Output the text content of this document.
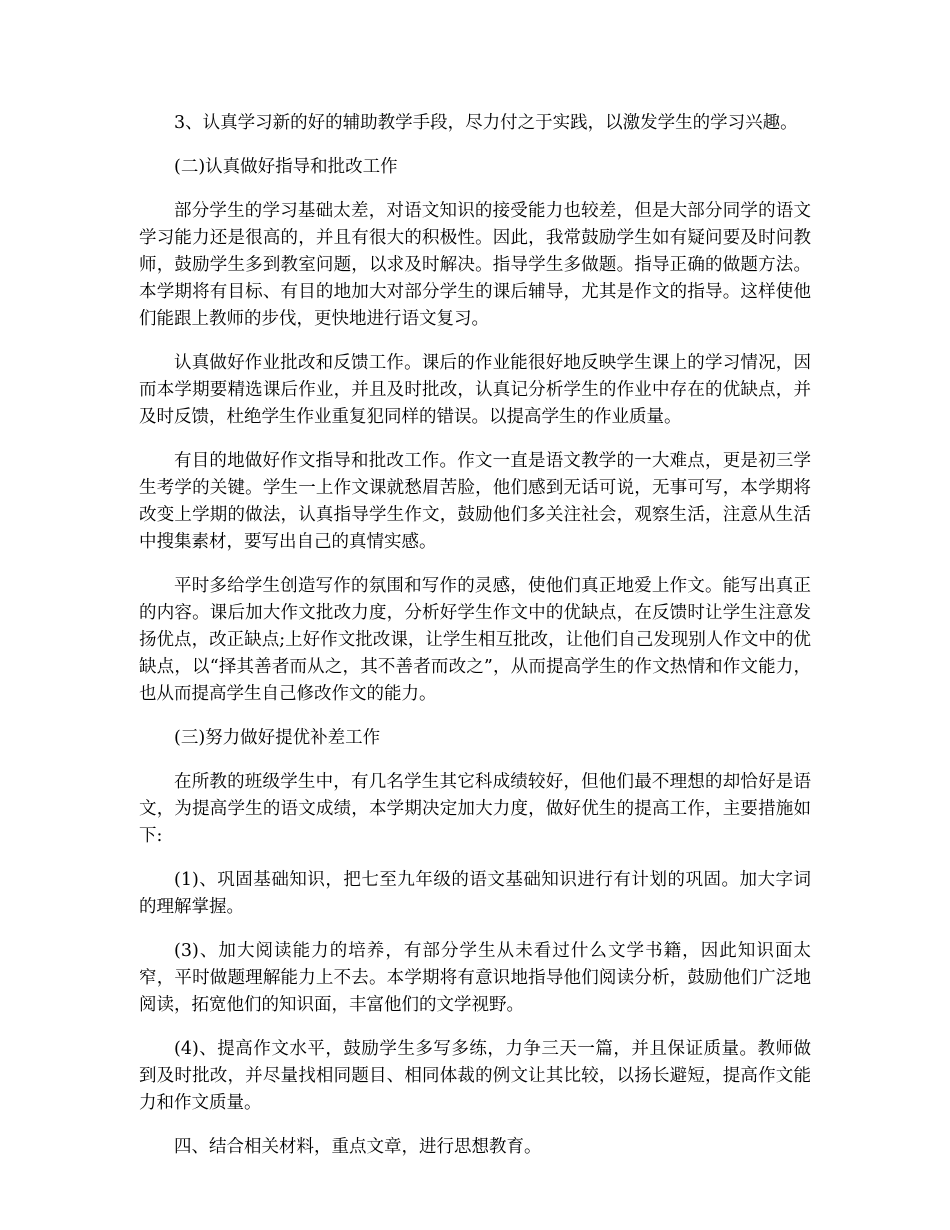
3、认真学习新的好的辅助教学手段，尽力付之于实践，以激发学生的学习兴趣。

(二)认真做好指导和批改工作

部分学生的学习基础太差，对语文知识的接受能力也较差，但是大部分同学的语文学习能力还是很高的，并且有很大的积极性。因此，我常鼓励学生如有疑问要及时问教师，鼓励学生多到教室问题，以求及时解决。指导学生多做题。指导正确的做题方法。本学期将有目标、有目的地加大对部分学生的课后辅导，尤其是作文的指导。这样使他们能跟上教师的步伐，更快地进行语文复习。

认真做好作业批改和反馈工作。课后的作业能很好地反映学生课上的学习情况，因而本学期要精选课后作业，并且及时批改，认真记分析学生的作业中存在的优缺点，并及时反馈，杜绝学生作业重复犯同样的错误。以提高学生的作业质量。

有目的地做好作文指导和批改工作。作文一直是语文教学的一大难点，更是初三学生考学的关键。学生一上作文课就愁眉苦脸，他们感到无话可说，无事可写，本学期将改变上学期的做法，认真指导学生作文，鼓励他们多关注社会，观察生活，注意从生活中搜集素材，要写出自己的真情实感。

平时多给学生创造写作的氛围和写作的灵感，使他们真正地爱上作文。能写出真正的内容。课后加大作文批改力度，分析好学生作文中的优缺点，在反馈时让学生注意发扬优点，改正缺点;上好作文批改课，让学生相互批改，让他们自己发现别人作文中的优缺点，以“择其善者而从之，其不善者而改之”，从而提高学生的作文热情和作文能力，也从而提高学生自己修改作文的能力。

(三)努力做好提优补差工作

在所教的班级学生中，有几名学生其它科成绩较好，但他们最不理想的却恰好是语文，为提高学生的语文成绩，本学期决定加大力度，做好优生的提高工作，主要措施如下:

(1)、巩固基础知识，把七至九年级的语文基础知识进行有计划的巩固。加大字词的理解掌握。

(3)、加大阅读能力的培养，有部分学生从未看过什么文学书籍，因此知识面太窄，平时做题理解能力上不去。本学期将有意识地指导他们阅读分析，鼓励他们广泛地阅读，拓宽他们的知识面，丰富他们的文学视野。

(4)、提高作文水平，鼓励学生多写多练，力争三天一篇，并且保证质量。教师做到及时批改，并尽量找相同题目、相同体裁的例文让其比较，以扬长避短，提高作文能力和作文质量。

四、结合相关材料，重点文章，进行思想教育。
